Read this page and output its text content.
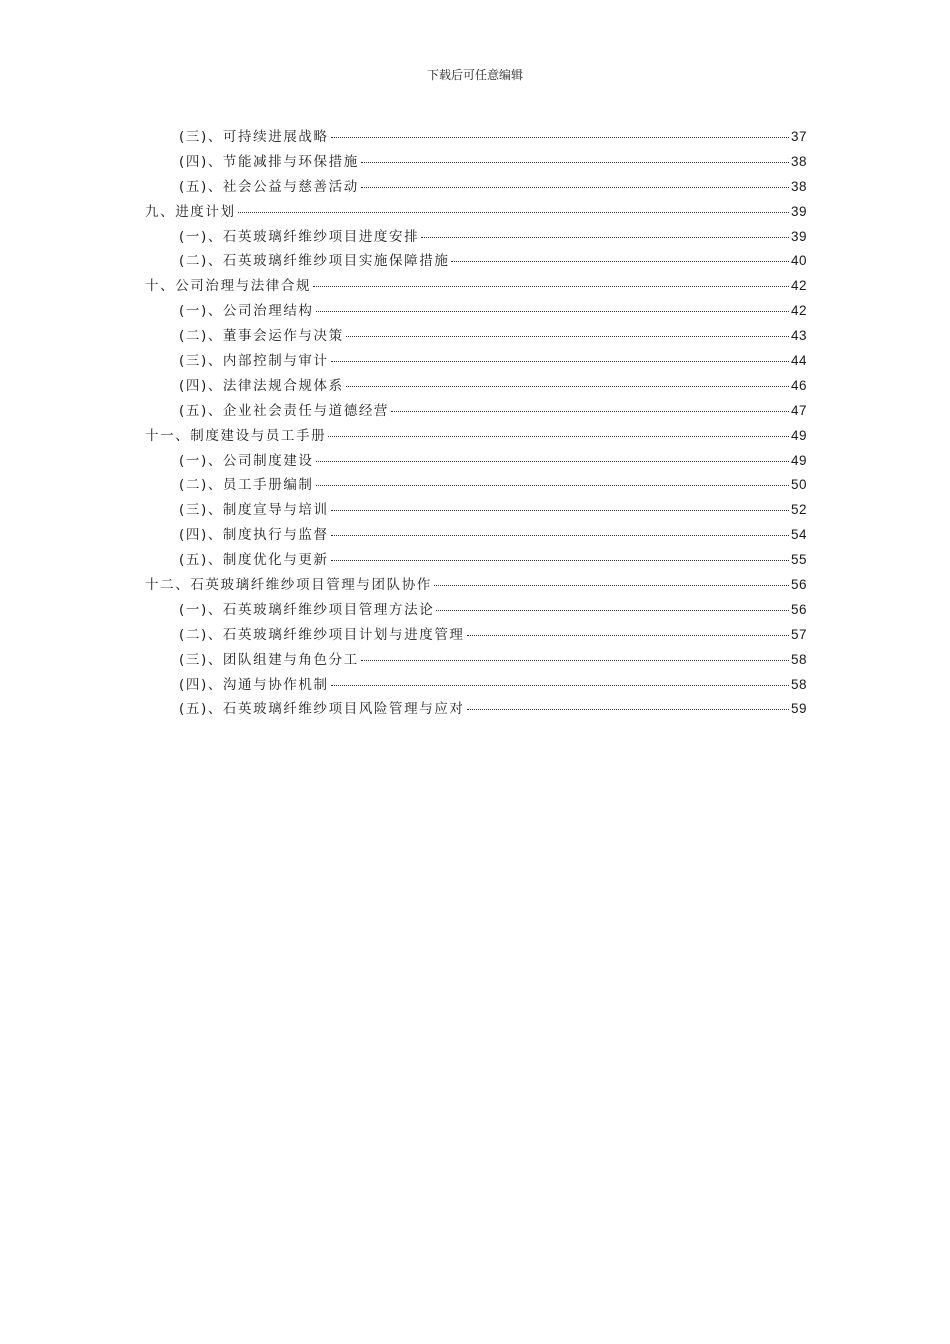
下载后可任意编辑
(三)、可持续进展战略	37
(四)、节能减排与环保措施	38
(五)、社会公益与慈善活动	38
九、进度计划	39
(一)、石英玻璃纤维纱项目进度安排	39
(二)、石英玻璃纤维纱项目实施保障措施	40
十、公司治理与法律合规	42
(一)、公司治理结构	42
(二)、董事会运作与决策	43
(三)、内部控制与审计	44
(四)、法律法规合规体系	46
(五)、企业社会责任与道德经营	47
十一、制度建设与员工手册	49
(一)、公司制度建设	49
(二)、员工手册编制	50
(三)、制度宣导与培训	52
(四)、制度执行与监督	54
(五)、制度优化与更新	55
十二、石英玻璃纤维纱项目管理与团队协作	56
(一)、石英玻璃纤维纱项目管理方法论	56
(二)、石英玻璃纤维纱项目计划与进度管理	57
(三)、团队组建与角色分工	58
(四)、沟通与协作机制	58
(五)、石英玻璃纤维纱项目风险管理与应对	59
